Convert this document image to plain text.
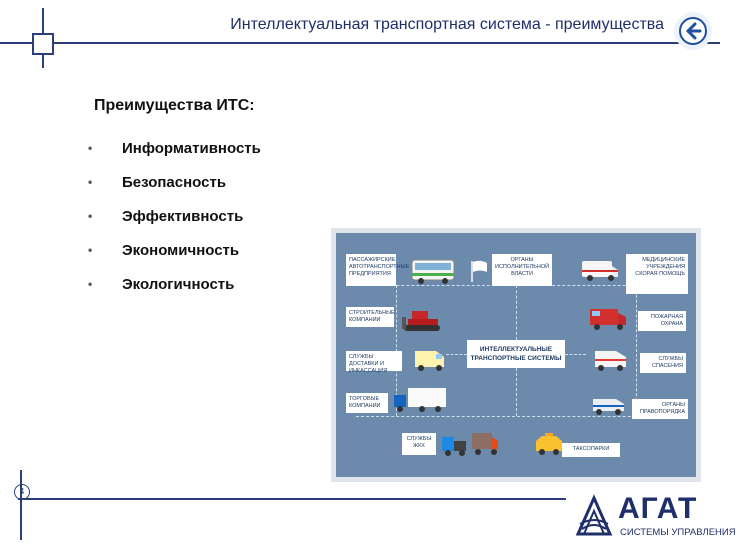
Интеллектуальная транспортная система - преимущества
Преимущества ИТС:
•	Информативность
•	Безопасность
•	Эффективность
•	Экономичность
•	Экологичность
ПАССАЖИРСКИЕ АВТОТРАНСПОРТНЫЕ ПРЕДПРИЯТИЯ
ОРГАНЫ ИСПОЛНИТЕЛЬНОЙ ВЛАСТИ
МЕДИЦИНСКИЕ УЧРЕЖДЕНИЯ СКОРАЯ ПОМОЩЬ
СТРОИТЕЛЬНЫЕ КОМПАНИИ	ПОЖАРНАЯ ОХРАНА
СЛУЖБЫ ДОСТАВКИ И ИНКАССАЦИЯ
СЛУЖБЫ СПАСЕНИЯ
ТОРГОВЫЕ КОМПАНИИ	ОРГАНЫ ПРАВОПОРЯДКА
СЛУЖБЫ ЖКХ	ТАКСОПАРКИ
ИНТЕЛЛЕКТУАЛЬНЫЕ ТРАНСПОРТНЫЕ СИСТЕМЫ
4
АГАТ
СИСТЕМЫ УПРАВЛЕНИЯ
